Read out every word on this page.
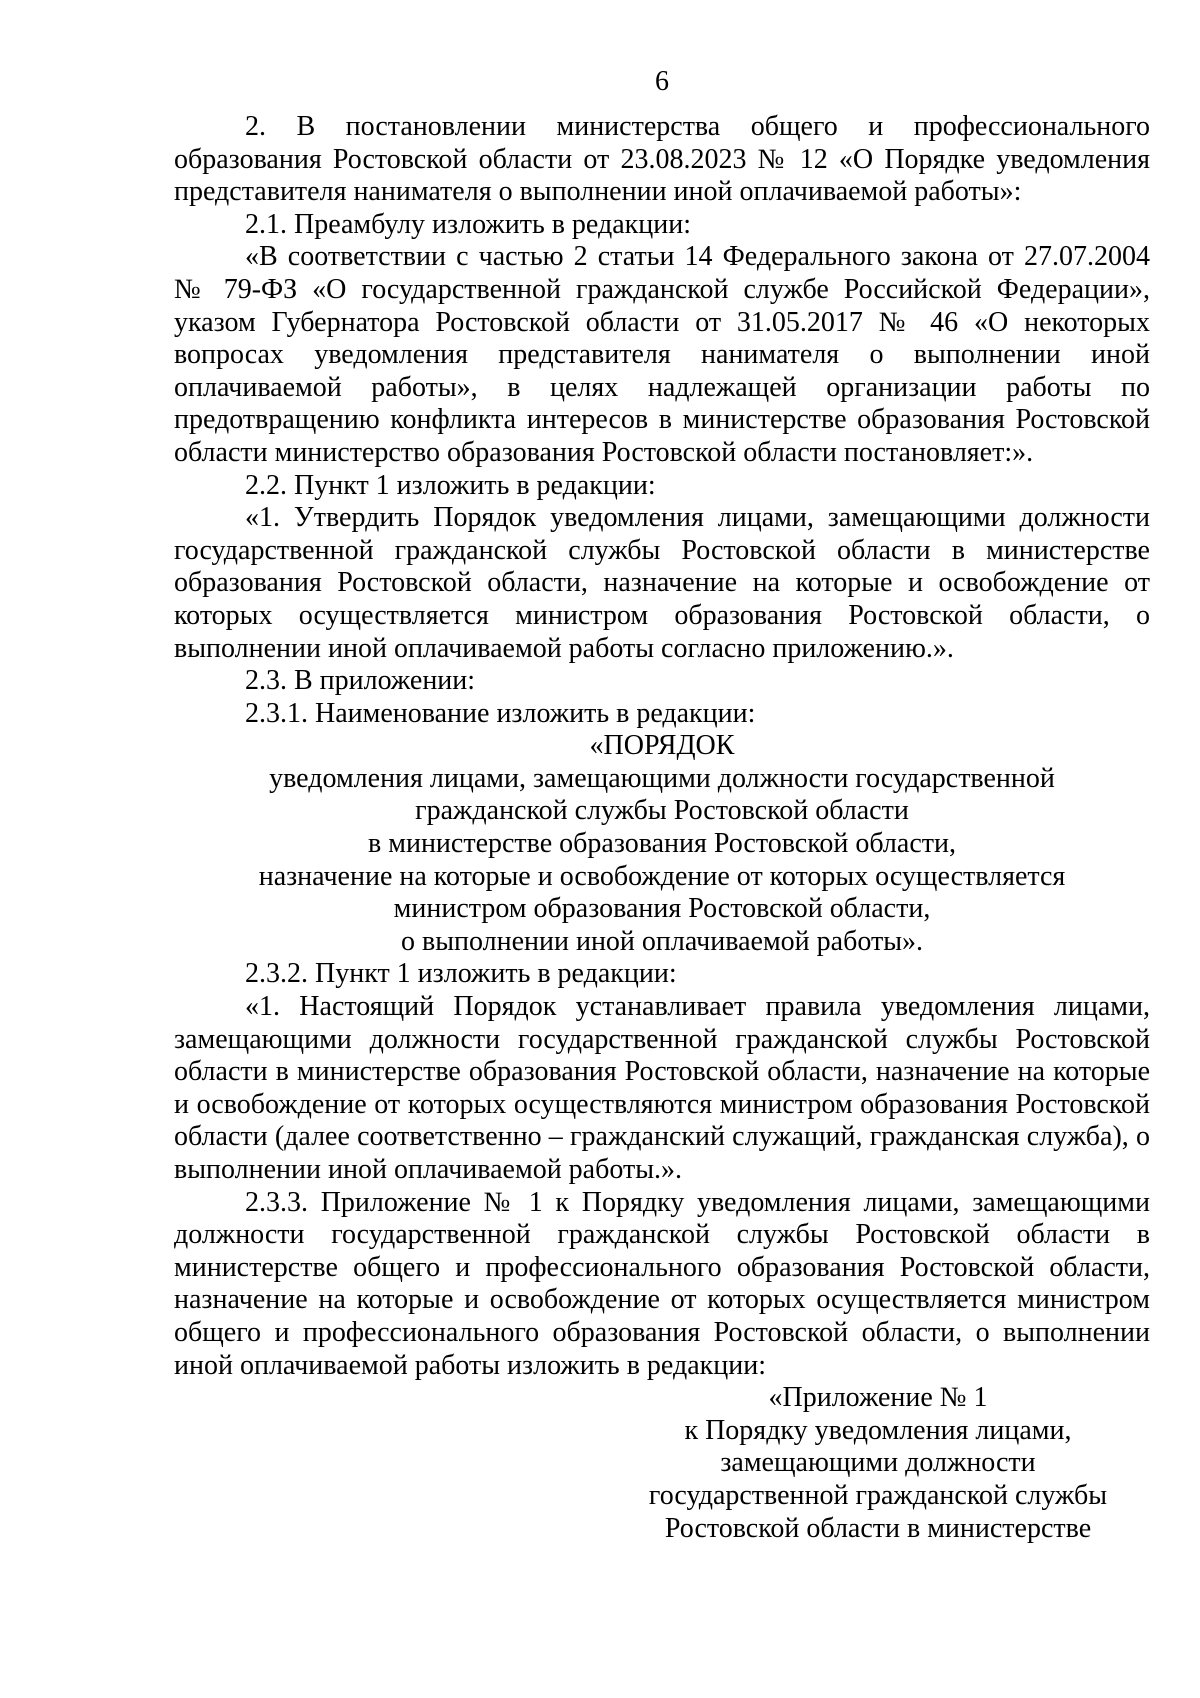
6

2. В постановлении министерства общего и профессионального образования Ростовской области от 23.08.2023 № 12 «О Порядке уведомления представителя нанимателя о выполнении иной оплачиваемой работы»:

2.1. Преамбулу изложить в редакции:

«В соответствии с частью 2 статьи 14 Федерального закона от 27.07.2004 № 79-ФЗ «О государственной гражданской службе Российской Федерации», указом Губернатора Ростовской области от 31.05.2017 № 46 «О некоторых вопросах уведомления представителя нанимателя о выполнении иной оплачиваемой работы», в целях надлежащей организации работы по предотвращению конфликта интересов в министерстве образования Ростовской области министерство образования Ростовской области постановляет:».

2.2. Пункт 1 изложить в редакции:

«1. Утвердить Порядок уведомления лицами, замещающими должности государственной гражданской службы Ростовской области в министерстве образования Ростовской области, назначение на которые и освобождение от которых осуществляется министром образования Ростовской области, о выполнении иной оплачиваемой работы согласно приложению.».

2.3. В приложении:

2.3.1. Наименование изложить в редакции:

«ПОРЯДОК
уведомления лицами, замещающими должности государственной
гражданской службы Ростовской области
в министерстве образования Ростовской области,
назначение на которые и освобождение от которых осуществляется
министром образования Ростовской области,
о выполнении иной оплачиваемой работы».

2.3.2. Пункт 1 изложить в редакции:

«1. Настоящий Порядок устанавливает правила уведомления лицами, замещающими должности государственной гражданской службы Ростовской области в министерстве образования Ростовской области, назначение на которые и освобождение от которых осуществляются министром образования Ростовской области (далее соответственно – гражданский служащий, гражданская служба), о выполнении иной оплачиваемой работы.».

2.3.3. Приложение № 1 к Порядку уведомления лицами, замещающими должности государственной гражданской службы Ростовской области в министерстве общего и профессионального образования Ростовской области, назначение на которые и освобождение от которых осуществляется министром общего и профессионального образования Ростовской области, о выполнении иной оплачиваемой работы изложить в редакции:

«Приложение № 1
к Порядку уведомления лицами,
замещающими должности
государственной гражданской службы
Ростовской области в министерстве
